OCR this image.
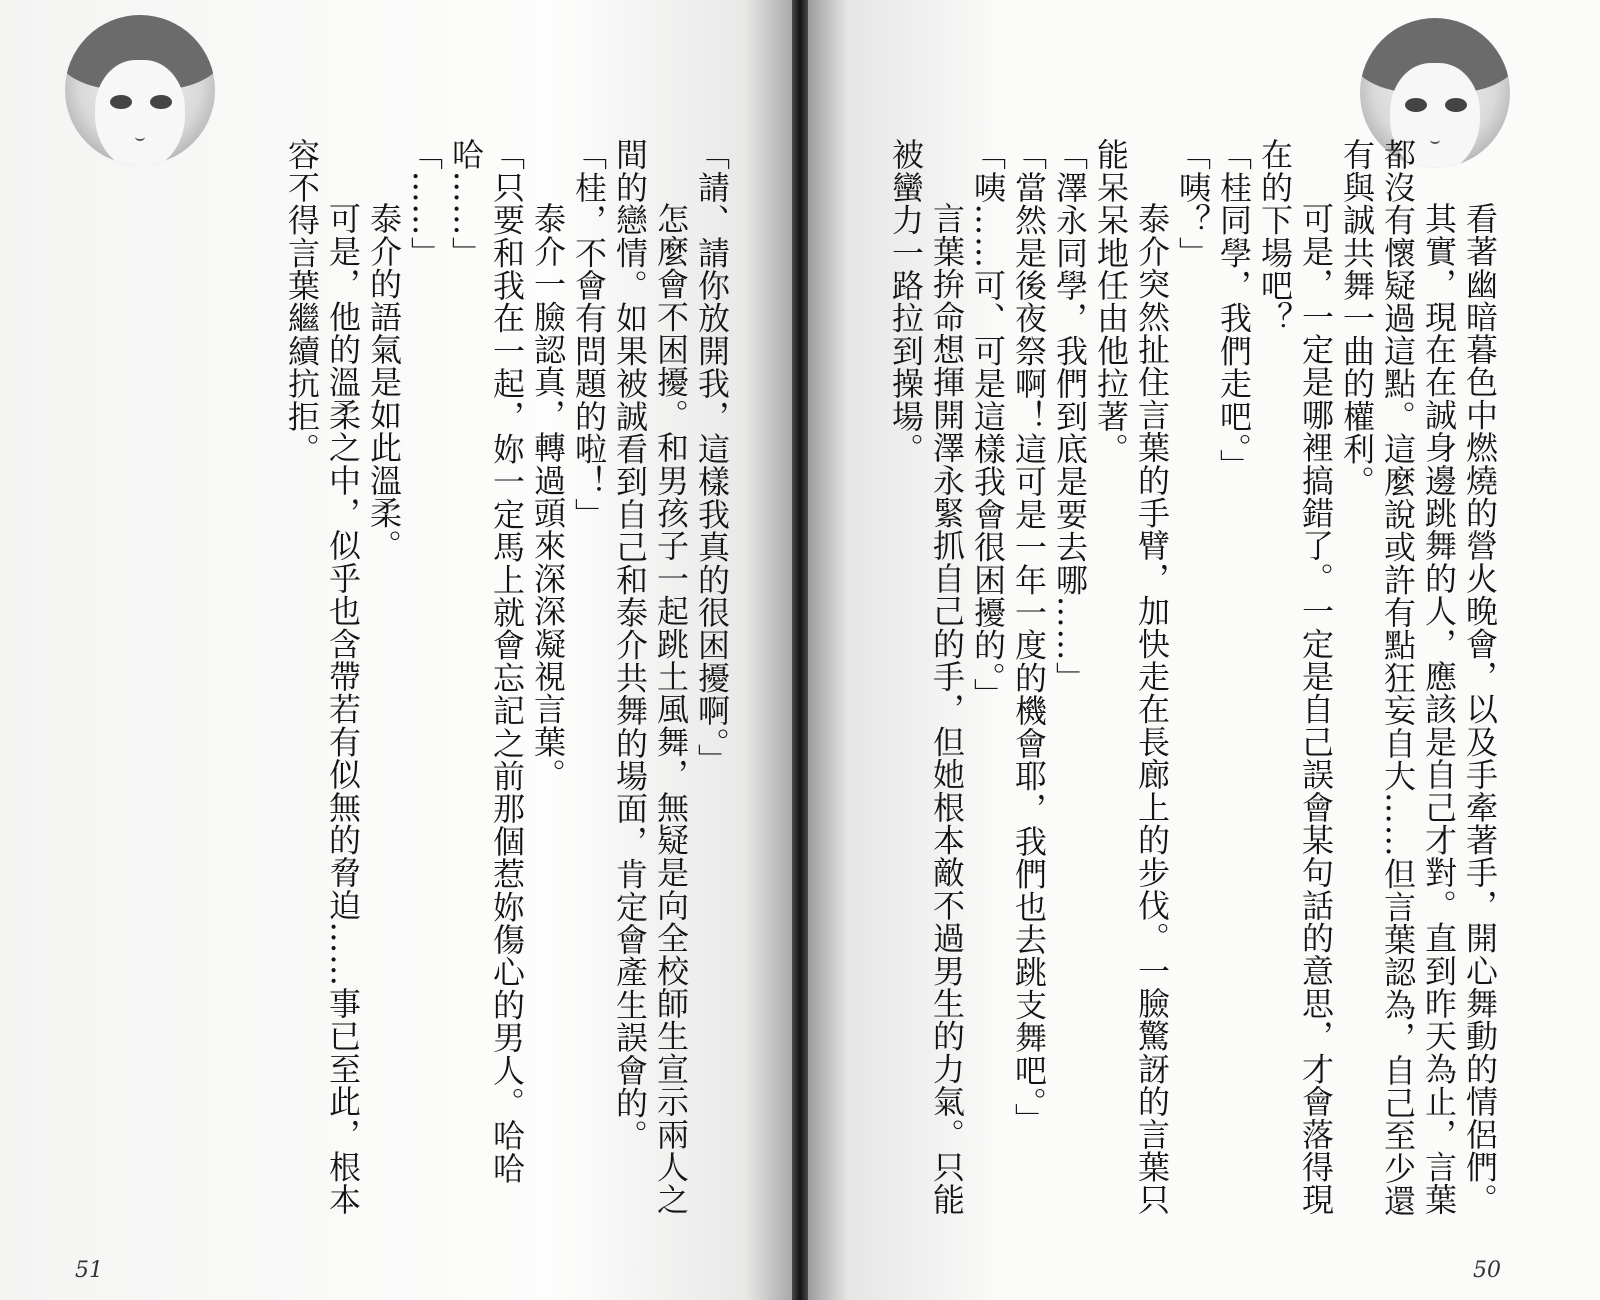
「請、請你放開我，這樣我真的很困擾啊。」

怎麼會不困擾。和男孩子一起跳土風舞，無疑是向全校師生宣示兩人之間的戀情。如果被誠看到自己和泰介共舞的場面，肯定會產生誤會的。

「桂，不會有問題的啦！」

泰介一臉認真，轉過頭來深深凝視言葉。

「只要和我在一起，妳一定馬上就會忘記之前那個惹妳傷心的男人。哈哈哈……」

「……」

泰介的語氣是如此溫柔。

可是，他的溫柔之中，似乎也含帶若有似無的脅迫……事已至此，根本容不得言葉繼續抗拒。

51

看著幽暗暮色中燃燒的營火晚會，以及手牽著手，開心舞動的情侶們。

其實，現在在誠身邊跳舞的人，應該是自己才對。直到昨天為止，言葉都沒有懷疑過這點。這麼說或許有點狂妄自大……但言葉認為，自己至少還有與誠共舞一曲的權利。

可是，一定是哪裡搞錯了。一定是自己誤會某句話的意思，才會落得現在的下場吧？

「桂同學，我們走吧。」

「咦？」

泰介突然扯住言葉的手臂，加快走在長廊上的步伐。一臉驚訝的言葉只能呆呆地任由他拉著。

「澤永同學，我們到底是要去哪……」

「當然是後夜祭啊！這可是一年一度的機會耶，我們也去跳支舞吧。」

「咦……可、可是這樣我會很困擾的。」

言葉拚命想揮開澤永緊抓自己的手，但她根本敵不過男生的力氣。只能被蠻力一路拉到操場。

50
